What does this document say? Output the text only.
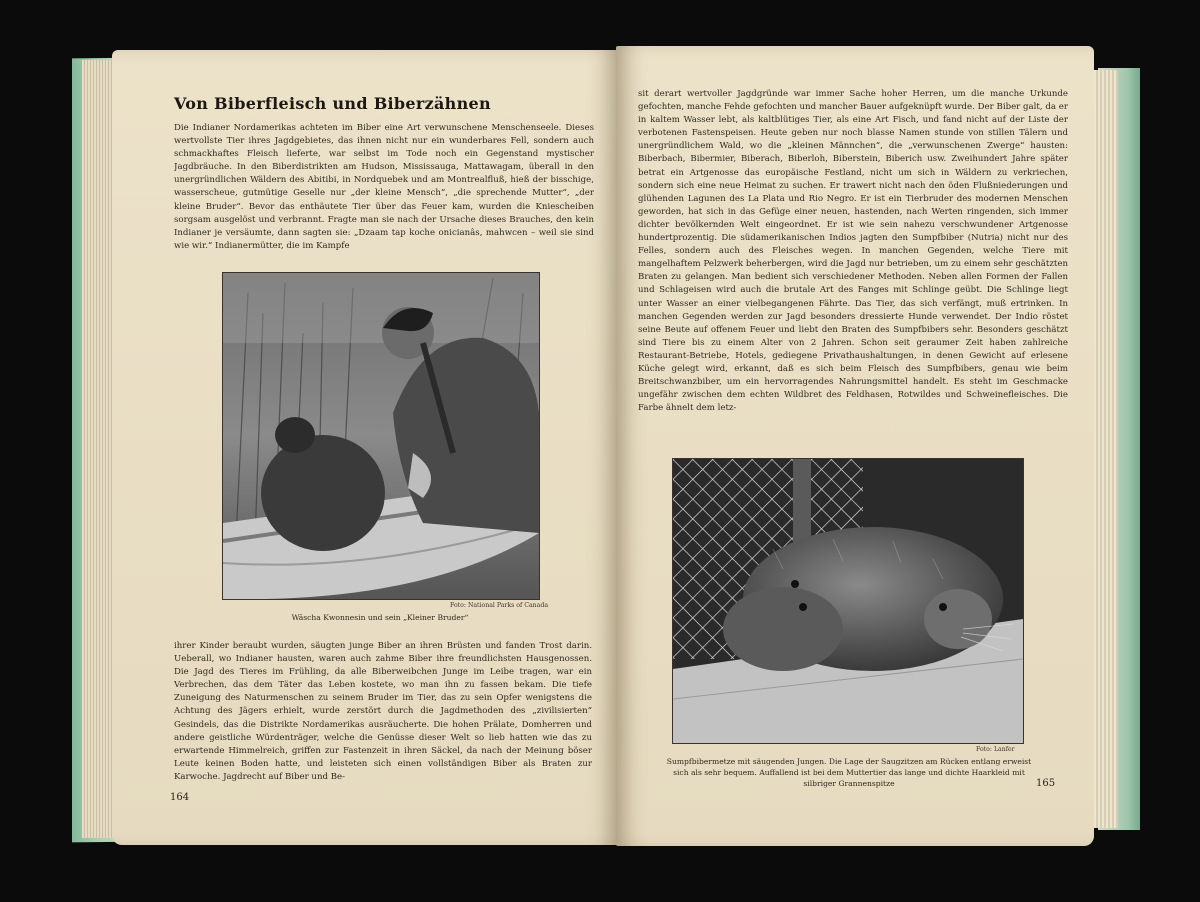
Von Biberfleisch und Biberzähnen

Die Indianer Nordamerikas achteten im Biber eine Art verwunschene Menschenseele. Dieses wertvollste Tier ihres Jagdgebietes, das ihnen nicht nur ein wunderbares Fell, sondern auch schmackhaftes Fleisch lieferte, war selbst im Tode noch ein Gegenstand mystischer Jagdbräuche. In den Biberdistrikten am Hudson, Mississauga, Mattawagam, überall in den unergründlichen Wäldern des Abitibi, in Nordquebek und am Montrealfluß, hieß der bisschige, wasserscheue, gutmütige Geselle nur „der kleine Mensch“, „die sprechende Mutter“, „der kleine Bruder“. Bevor das enthäutete Tier über das Feuer kam, wurden die Kniescheiben sorgsam ausgelöst und verbrannt. Fragte man sie nach der Ursache dieses Brauches, den kein Indianer je versäumte, dann sagten sie: „Dzaam tap koche onicianâs, mahwcen – weil sie sind wie wir.“ Indianermütter, die im Kampfe

Foto: National Parks of Canada

Wâscha Kwonnesin und sein „Kleiner Bruder“

ihrer Kinder beraubt wurden, säugten junge Biber an ihren Brüsten und fanden Trost darin. Ueberall, wo Indianer hausten, waren auch zahme Biber ihre freundlichsten Hausgenossen. Die Jagd des Tieres im Frühling, da alle Biberweibchen Junge im Leibe tragen, war ein Verbrechen, das dem Täter das Leben kostete, wo man ihn zu fassen bekam. Die tiefe Zuneigung des Naturmenschen zu seinem Bruder im Tier, das zu sein Opfer wenigstens die Achtung des Jägers erhielt, wurde zerstört durch die Jagdmethoden des „zivilisierten“ Gesindels, das die Distrikte Nordamerikas ausräucherte. Die hohen Prälate, Domherren und andere geistliche Würdenträger, welche die Genüsse dieser Welt so lieb hatten wie das zu erwartende Himmelreich, griffen zur Fastenzeit in ihren Säckel, da nach der Meinung böser Leute keinen Boden hatte, und leisteten sich einen vollständigen Biber als Braten zur Karwoche. Jagdrecht auf Biber und Be-

164

sit derart wertvoller Jagdgründe war immer Sache hoher Herren, um die manche Urkunde gefochten, manche Fehde gefochten und mancher Bauer aufgeknüpft wurde. Der Biber galt, da er in kaltem Wasser lebt, als kaltblütiges Tier, als eine Art Fisch, und fand nicht auf der Liste der verbotenen Fastenspeisen. Heute geben nur noch blasse Namen stunde von stillen Tälern und unergründlichem Wald, wo die „kleinen Männchen“, die „verwunschenen Zwerge“ hausten: Biberbach, Bibermier, Biberach, Biberloh, Biberstein, Biberich usw. Zweihundert Jahre später betrat ein Artgenosse das europäische Festland, nicht um sich in Wäldern zu verkriechen, sondern sich eine neue Heimat zu suchen. Er trawert nicht nach den öden Flußniederungen und glühenden Lagunen des La Plata und Rio Negro. Er ist ein Tierbruder des modernen Menschen geworden, hat sich in das Gefüge einer neuen, hastenden, nach Werten ringenden, sich immer dichter bevölkernden Welt eingeordnet. Er ist wie sein nahezu verschwundener Artgenosse hundertprozentig. Die südamerikanischen Indios jagten den Sumpfbiber (Nutria) nicht nur des Felles, sondern auch des Fleisches wegen. In manchen Gegenden, welche Tiere mit mangelhaftem Pelzwerk beherbergen, wird die Jagd nur betrieben, um zu einem sehr geschätzten Braten zu gelangen. Man bedient sich verschiedener Methoden. Neben allen Formen der Fallen und Schlageisen wird auch die brutale Art des Fanges mit Schlinge geübt. Die Schlinge liegt unter Wasser an einer vielbegangenen Fährte. Das Tier, das sich verfängt, muß ertrinken. In manchen Gegenden werden zur Jagd besonders dressierte Hunde verwendet. Der Indio röstet seine Beute auf offenem Feuer und liebt den Braten des Sumpfbibers sehr. Besonders geschätzt sind Tiere bis zu einem Alter von 2 Jahren. Schon seit geraumer Zeit haben zahlreiche Restaurant-Betriebe, Hotels, gediegene Privathaushaltungen, in denen Gewicht auf erlesene Küche gelegt wird, erkannt, daß es sich beim Fleisch des Sumpfbibers, genau wie beim Breitschwanzbiber, um ein hervorragendes Nahrungsmittel handelt. Es steht im Geschmacke ungefähr zwischen dem echten Wildbret des Feldhasen, Rotwildes und Schweinefleisches. Die Farbe ähnelt dem letz-

Foto: Lanfer

Sumpfbibermetze mit säugenden Jungen. Die Lage der Saugzitzen am Rücken entlang erweist sich als sehr bequem. Auffallend ist bei dem Muttertier das lange und dichte Haarkleid mit silbriger Grannenspitze	165
